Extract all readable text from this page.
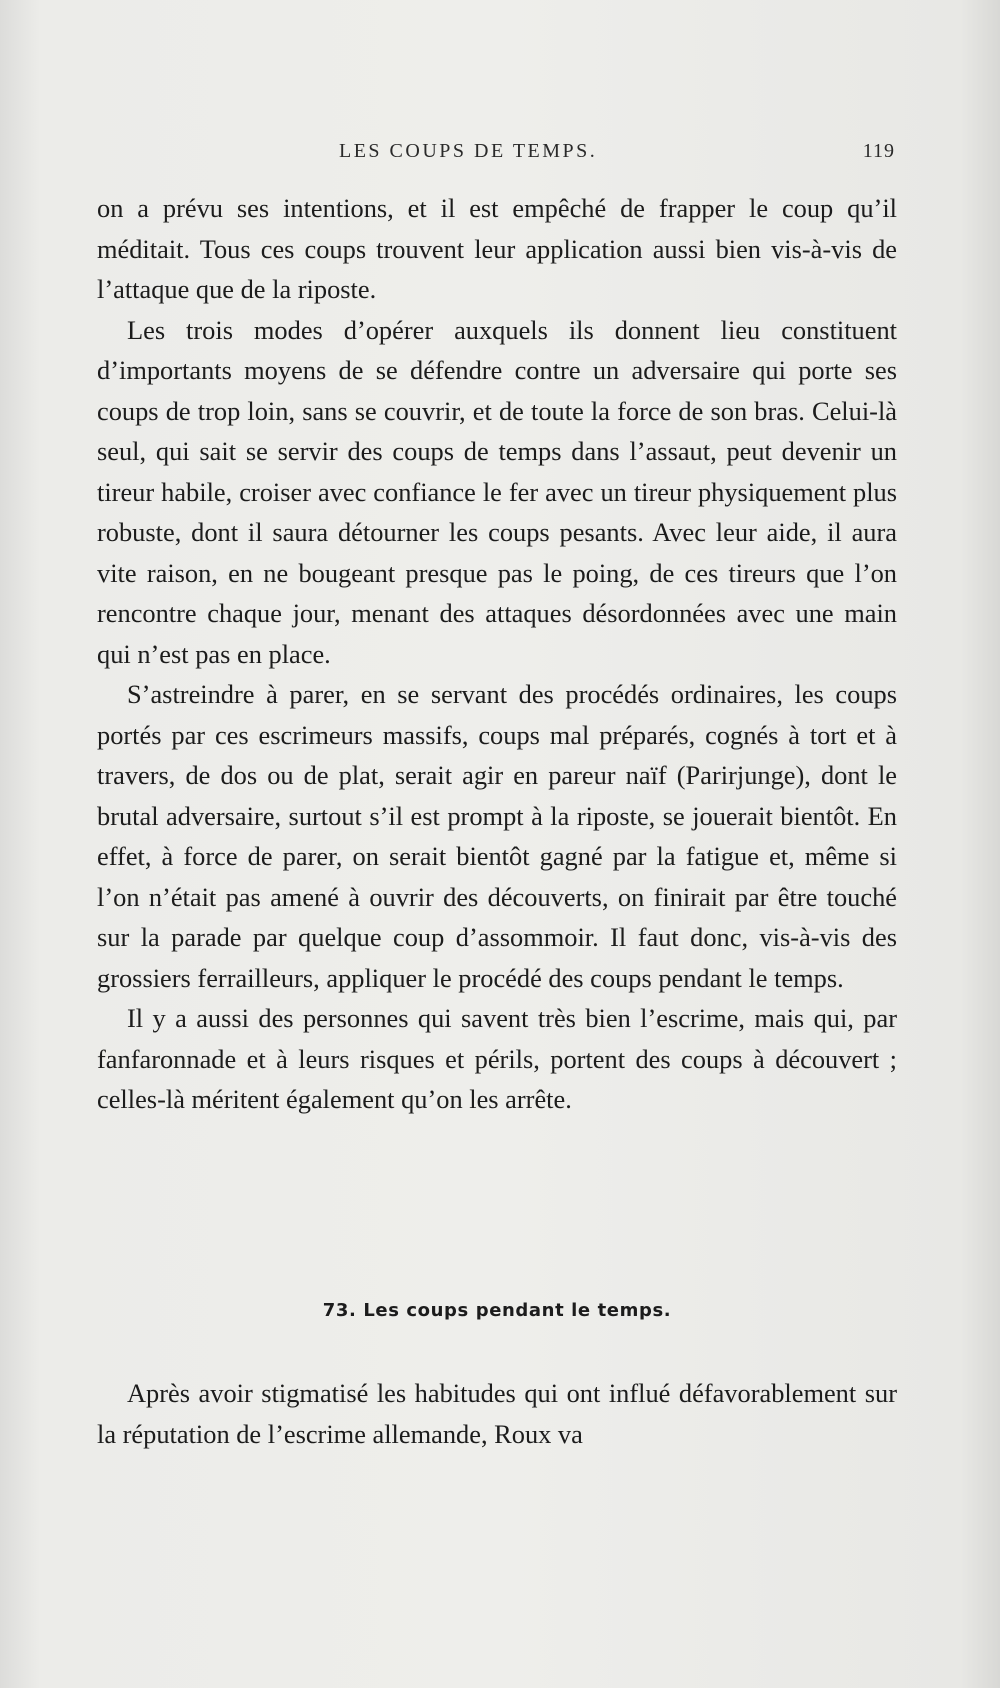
LES COUPS DE TEMPS.	119

on a prévu ses intentions, et il est empêché de frapper le coup qu’il méditait. Tous ces coups trouvent leur application aussi bien vis-à-vis de l’attaque que de la riposte.

Les trois modes d’opérer auxquels ils donnent lieu constituent d’importants moyens de se défendre contre un adversaire qui porte ses coups de trop loin, sans se couvrir, et de toute la force de son bras. Celui-là seul, qui sait se servir des coups de temps dans l’assaut, peut devenir un tireur habile, croiser avec confiance le fer avec un tireur physiquement plus robuste, dont il saura détourner les coups pesants. Avec leur aide, il aura vite raison, en ne bougeant presque pas le poing, de ces tireurs que l’on rencontre chaque jour, menant des attaques désordonnées avec une main qui n’est pas en place.

S’astreindre à parer, en se servant des procédés ordinaires, les coups portés par ces escrimeurs massifs, coups mal préparés, cognés à tort et à travers, de dos ou de plat, serait agir en pareur naïf (Parirjunge), dont le brutal adversaire, surtout s’il est prompt à la riposte, se jouerait bientôt. En effet, à force de parer, on serait bientôt gagné par la fatigue et, même si l’on n’était pas amené à ouvrir des découverts, on finirait par être touché sur la parade par quelque coup d’assommoir. Il faut donc, vis-à-vis des grossiers ferrailleurs, appliquer le procédé des coups pendant le temps.

Il y a aussi des personnes qui savent très bien l’escrime, mais qui, par fanfaronnade et à leurs risques et périls, portent des coups à découvert ; celles-là méritent également qu’on les arrête.

73. Les coups pendant le temps.

Après avoir stigmatisé les habitudes qui ont influé défavorablement sur la réputation de l’escrime allemande, Roux va
